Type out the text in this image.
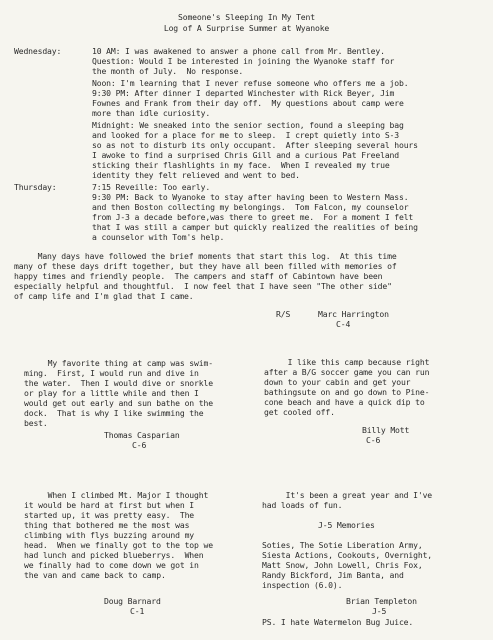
Someone's Sleeping In My Tent
Log of A Surprise Summer at Wyanoke
Wednesday:	10 AM: I was awakened to answer a phone call from Mr. Bentley.
Question: Would I be interested in joining the Wyanoke staff for
the month of July.  No response.
Noon: I'm learning that I never refuse someone who offers me a job.
9:30 PM: After dinner I departed Winchester with Rick Beyer, Jim
Fownes and Frank from their day off.  My questions about camp were
more than idle curiosity.
Midnight: We sneaked into the senior section, found a sleeping bag
and looked for a place for me to sleep.  I crept quietly into S-3
so as not to disturb its only occupant.  After sleeping several hours
I awoke to find a surprised Chris Gill and a curious Pat Freeland
sticking their flashlights in my face.  When I revealed my true
identity they felt relieved and went to bed.
Thursday:	7:15 Reveille: Too early.
9:30 PM: Back to Wyanoke to stay after having been to Western Mass.
and then Boston collecting my belongings.  Tom Falcon, my counselor
from J-3 a decade before,was there to greet me.  For a moment I felt
that I was still a camper but quickly realized the realities of being
a counselor with Tom's help.
Many days have followed the brief moments that start this log.  At this time
many of these days drift together, but they have all been filled with memories of
happy times and friendly people.  The campers and staff of Cabintown have been
especially helpful and thoughtful.  I now feel that I have seen "The other side"
of camp life and I'm glad that I came.
R/S	Marc Harrington
C-4
My favorite thing at camp was swim-
ming.  First, I would run and dive in
the water.  Then I would dive or snorkle
or play for a little while and then I
would get out early and sun bathe on the
dock.  That is why I like swimming the
best.
Thomas Casparian
C-6
I like this camp because right
after a B/G soccer game you can run
down to your cabin and get your
bathingsute on and go down to Pine-
cone beach and have a quick dip to
get cooled off.
Billy Mott
C-6
When I climbed Mt. Major I thought
it would be hard at first but when I
started up, it was pretty easy.  The
thing that bothered me the most was
climbing with flys buzzing around my
head.  When we finally got to the top we
had lunch and picked blueberrys.  When
we finally had to come down we got in
the van and came back to camp.
Doug Barnard
C-1
It's been a great year and I've
had loads of fun.
J-5 Memories
Soties, The Sotie Liberation Army,
Siesta Actions, Cookouts, Overnight,
Matt Snow, John Lowell, Chris Fox,
Randy Bickford, Jim Banta, and
inspection (6.0).
Brian Templeton
J-5
PS. I hate Watermelon Bug Juice.
